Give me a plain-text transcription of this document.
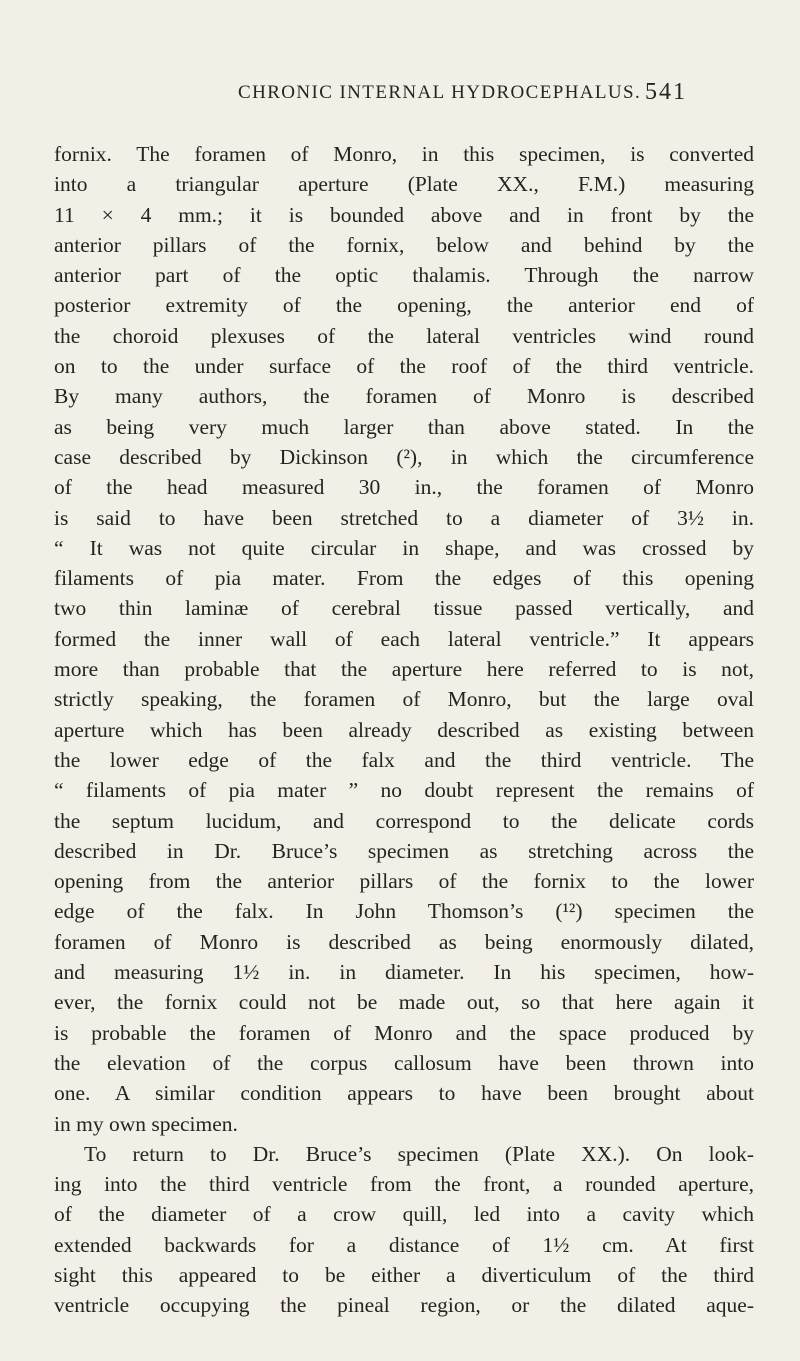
CHRONIC INTERNAL HYDROCEPHALUS. 541
fornix. The foramen of Monro, in this specimen, is converted
into a triangular aperture (Plate XX., F.M.) measuring
11 × 4 mm.; it is bounded above and in front by the
anterior pillars of the fornix, below and behind by the
anterior part of the optic thalamis. Through the narrow
posterior extremity of the opening, the anterior end of
the choroid plexuses of the lateral ventricles wind round
on to the under surface of the roof of the third ventricle.
By many authors, the foramen of Monro is described
as being very much larger than above stated. In the
case described by Dickinson (²), in which the circumference
of the head measured 30 in., the foramen of Monro
is said to have been stretched to a diameter of 3½ in.
“ It was not quite circular in shape, and was crossed by
filaments of pia mater. From the edges of this opening
two thin laminæ of cerebral tissue passed vertically, and
formed the inner wall of each lateral ventricle.” It appears
more than probable that the aperture here referred to is not,
strictly speaking, the foramen of Monro, but the large oval
aperture which has been already described as existing between
the lower edge of the falx and the third ventricle. The
“ filaments of pia mater ” no doubt represent the remains of
the septum lucidum, and correspond to the delicate cords
described in Dr. Bruce’s specimen as stretching across the
opening from the anterior pillars of the fornix to the lower
edge of the falx. In John Thomson’s (¹²) specimen the
foramen of Monro is described as being enormously dilated,
and measuring 1½ in. in diameter. In his specimen, how-
ever, the fornix could not be made out, so that here again it
is probable the foramen of Monro and the space produced by
the elevation of the corpus callosum have been thrown into
one. A similar condition appears to have been brought about
in my own specimen.
To return to Dr. Bruce’s specimen (Plate XX.). On look-
ing into the third ventricle from the front, a rounded aperture,
of the diameter of a crow quill, led into a cavity which
extended backwards for a distance of 1½ cm. At first
sight this appeared to be either a diverticulum of the third
ventricle occupying the pineal region, or the dilated aque-
